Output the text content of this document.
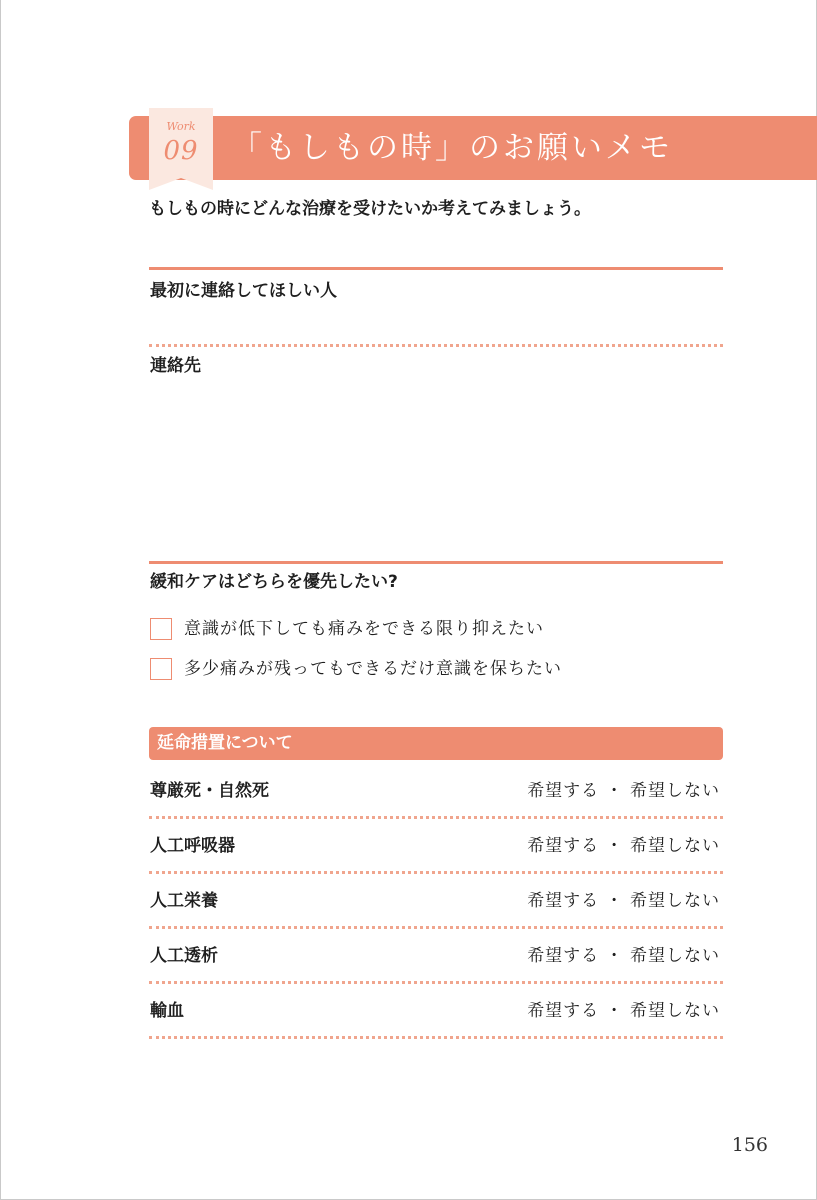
Work
09	「もしもの時」のお願いメモ

もしもの時にどんな治療を受けたいか考えてみましょう。

最初に連絡してほしい人
連絡先
緩和ケアはどちらを優先したい?
意識が低下しても痛みをできる限り抑えたい
多少痛みが残ってもできるだけ意識を保ちたい
延命措置について
尊厳死・自然死	希望する ・ 希望しない
人工呼吸器	希望する ・ 希望しない
人工栄養	希望する ・ 希望しない
人工透析	希望する ・ 希望しない
輸血	希望する ・ 希望しない
156
